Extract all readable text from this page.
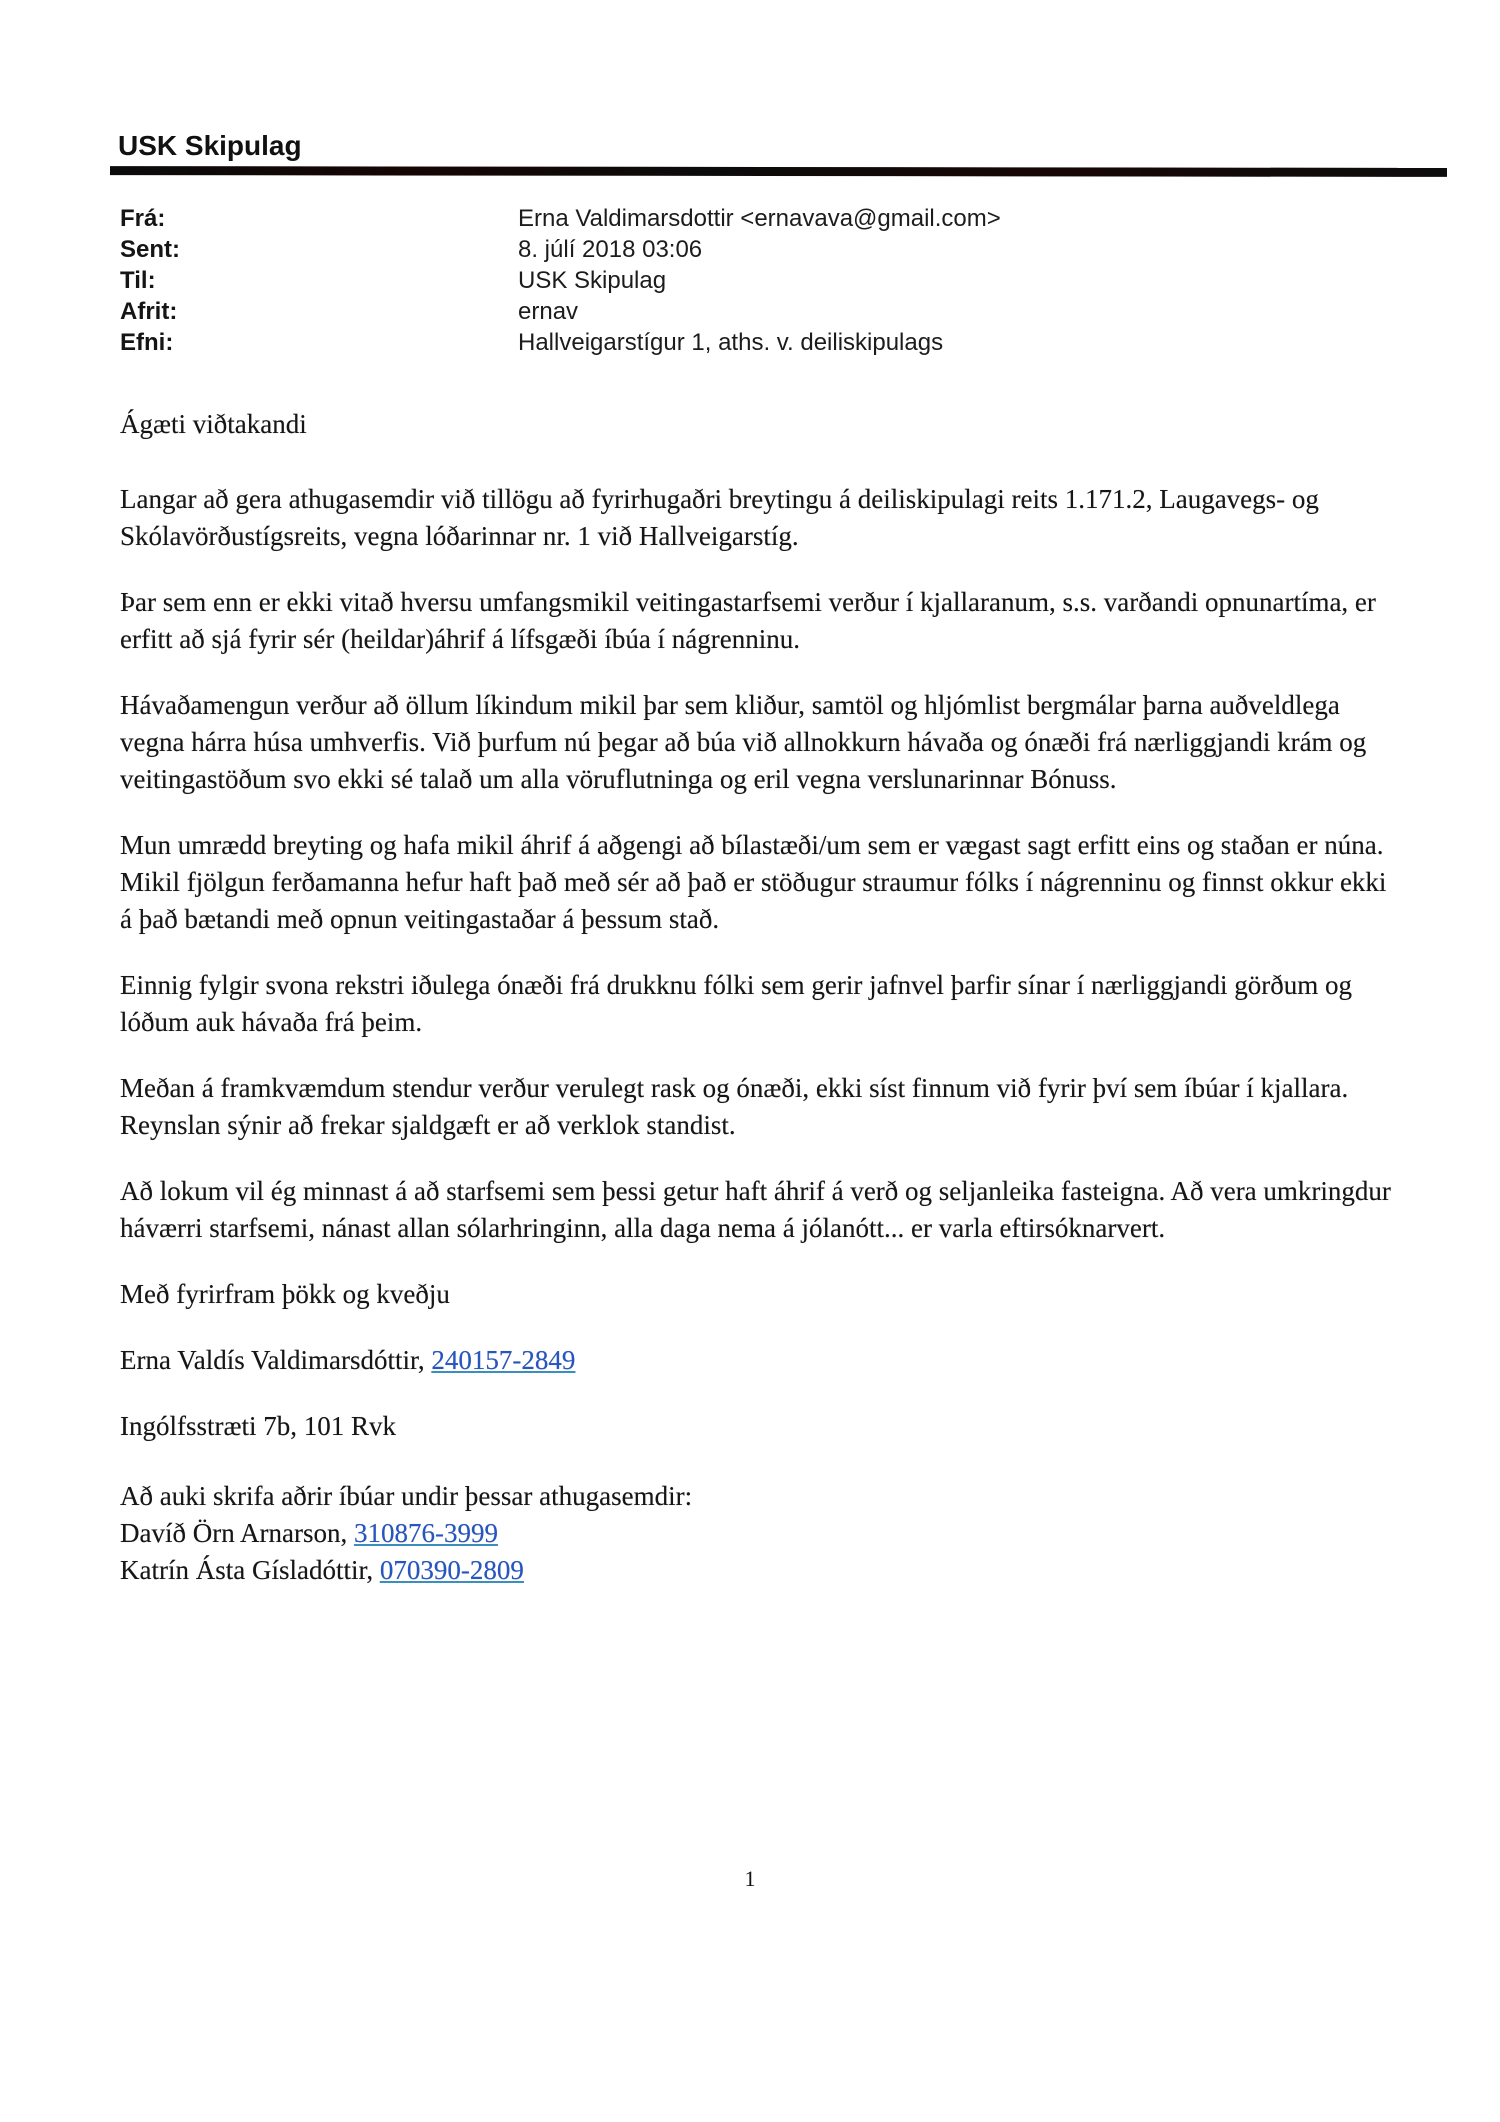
USK Skipulag
Frá:	Erna Valdimarsdottir <ernavava@gmail.com>
Sent:	8. júlí 2018 03:06
Til:	USK Skipulag
Afrit:	ernav
Efni:	Hallveigarstígur 1, aths. v. deiliskipulags

Ágæti viðtakandi

Langar að gera athugasemdir við tillögu að fyrirhugaðri breytingu á deiliskipulagi reits 1.171.2, Laugavegs- og Skólavörðustígsreits, vegna lóðarinnar nr. 1 við Hallveigarstíg.

Þar sem enn er ekki vitað hversu umfangsmikil veitingastarfsemi verður í kjallaranum, s.s. varðandi opnunartíma, er erfitt að sjá fyrir sér (heildar)áhrif á lífsgæði íbúa í nágrenninu.

Hávaðamengun verður að öllum líkindum mikil þar sem kliður, samtöl og hljómlist bergmálar þarna auðveldlega vegna hárra húsa umhverfis. Við þurfum nú þegar að búa við allnokkurn hávaða og ónæði frá nærliggjandi krám og veitingastöðum svo ekki sé talað um alla vöruflutninga og eril vegna verslunarinnar Bónuss.

Mun umrædd breyting og hafa mikil áhrif á aðgengi að bílastæði/um sem er vægast sagt erfitt eins og staðan er núna. Mikil fjölgun ferðamanna hefur haft það með sér að það er stöðugur straumur fólks í nágrenninu og finnst okkur ekki á það bætandi með opnun veitingastaðar á þessum stað.

Einnig fylgir svona rekstri iðulega ónæði frá drukknu fólki sem gerir jafnvel þarfir sínar í nærliggjandi görðum og lóðum auk hávaða frá þeim.

Meðan á framkvæmdum stendur verður verulegt rask og ónæði, ekki síst finnum við fyrir því sem íbúar í kjallara. Reynslan sýnir að frekar sjaldgæft er að verklok standist.

Að lokum vil ég minnast á að starfsemi sem þessi getur haft áhrif á verð og seljanleika fasteigna. Að vera umkringdur háværri starfsemi, nánast allan sólarhringinn, alla daga nema á jólanótt... er varla eftirsóknarvert.

Með fyrirfram þökk og kveðju

Erna Valdís Valdimarsdóttir, 240157-2849

Ingólfsstræti 7b, 101 Rvk

Að auki skrifa aðrir íbúar undir þessar athugasemdir:

Davíð Örn Arnarson, 310876-3999

Katrín Ásta Gísladóttir, 070390-2809

1
